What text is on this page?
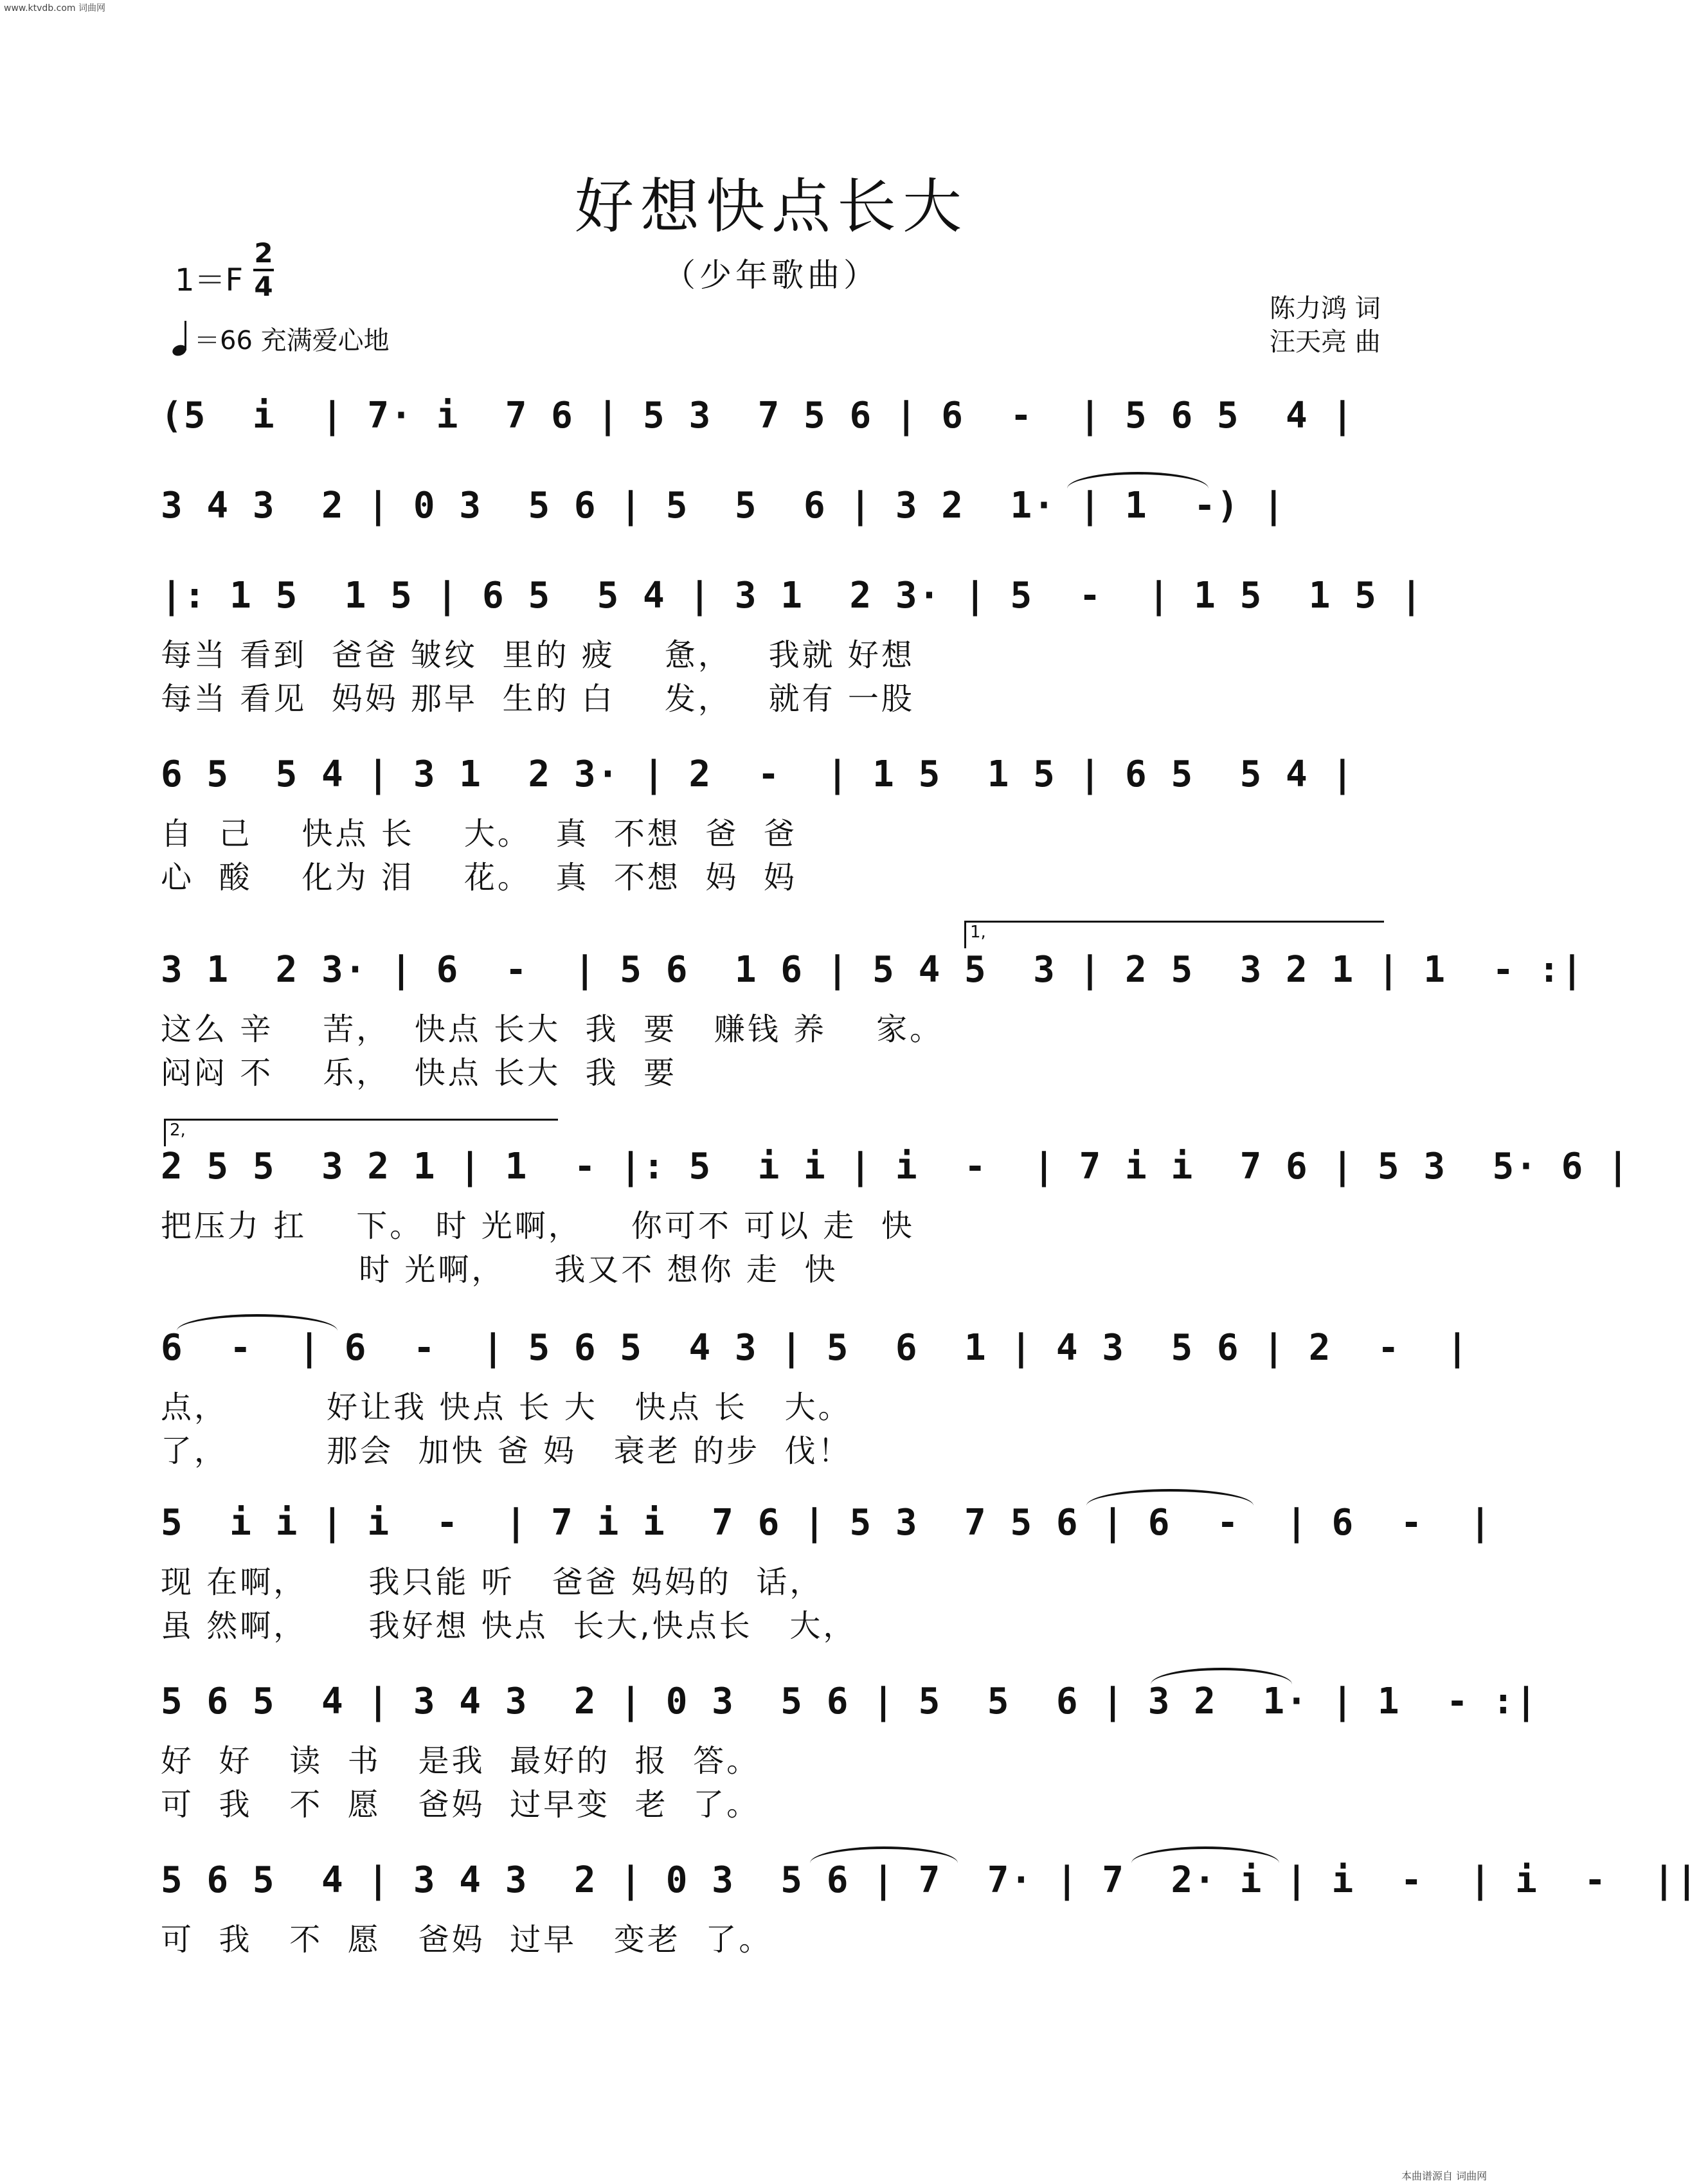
www.ktvdb.com 词曲网
好想快点长大
（少年歌曲）
1＝F
2
4
＝66 充满爱心地
陈力鸿 词
汪天亮 曲
(5  i  | 7· i  7 6 | 5 3  7 5 6 | 6  -  | 5 6 5  4 |
3 4 3  2 | 0 3  5 6 | 5  5  6 | 3 2  1· | 1  -) |
|: 1 5  1 5 | 6 5  5 4 | 3 1  2 3· | 5  -  | 1 5  1 5 |
每当 看到  爸爸 皱纹  里的 疲    惫，   我就 好想
每当 看见  妈妈 那早  生的 白    发，   就有 一股
6 5  5 4 | 3 1  2 3· | 2  -  | 1 5  1 5 | 6 5  5 4 |
自  己    快点 长    大。  真  不想  爸  爸
心  酸    化为 泪    花。  真  不想  妈  妈
1,
3 1  2 3· | 6  -  | 5 6  1 6 | 5 4 5  3 | 2 5  3 2 1 | 1  - :|
这么 辛    苦，  快点 长大  我  要   赚钱 养    家。
闷闷 不    乐，  快点 长大  我  要
2,
2 5 5  3 2 1 | 1  - |: 5  i i | i  -  | 7 i i  7 6 | 5 3  5· 6 |
把压力 扛    下。 时 光啊，    你可不 可以 走  快
时 光啊，    我又不 想你 走  快
6  -  | 6  -  | 5 6 5  4 3 | 5  6  1 | 4 3  5 6 | 2  -  |
点，        好让我 快点 长 大   快点 长   大。
了，        那会  加快 爸 妈   衰老 的步  伐！
5  i i | i  -  | 7 i i  7 6 | 5 3  7 5 6 | 6  -  | 6  -  |
现 在啊，     我只能 听   爸爸 妈妈的  话，
虽 然啊，     我好想 快点  长大,快点长   大，
5 6 5  4 | 3 4 3  2 | 0 3  5 6 | 5  5  6 | 3 2  1· | 1  - :|
好  好   读  书   是我  最好的  报  答。
可  我   不  愿   爸妈  过早变  老  了。
5 6 5  4 | 3 4 3  2 | 0 3  5 6 | 7  7· | 7  2· i | i  -  | i  -  ||
可  我   不  愿   爸妈  过早   变老  了。
本曲谱源自 词曲网
